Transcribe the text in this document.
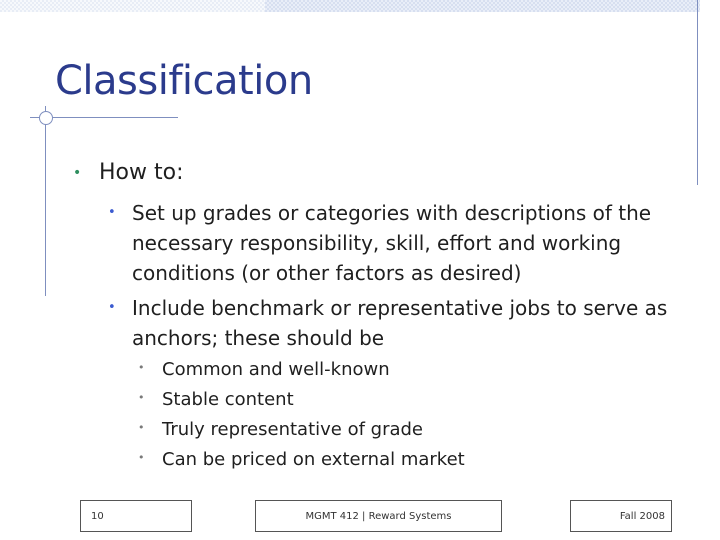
Classification
• How to:
• Set up grades or categories with descriptions of the necessary responsibility, skill, effort and working conditions (or other factors as desired)
• Include benchmark or representative jobs to serve as anchors; these should be
• Common and well-known
• Stable content
• Truly representative of grade
• Can be priced on external market
10	MGMT 412 | Reward Systems	Fall 2008
